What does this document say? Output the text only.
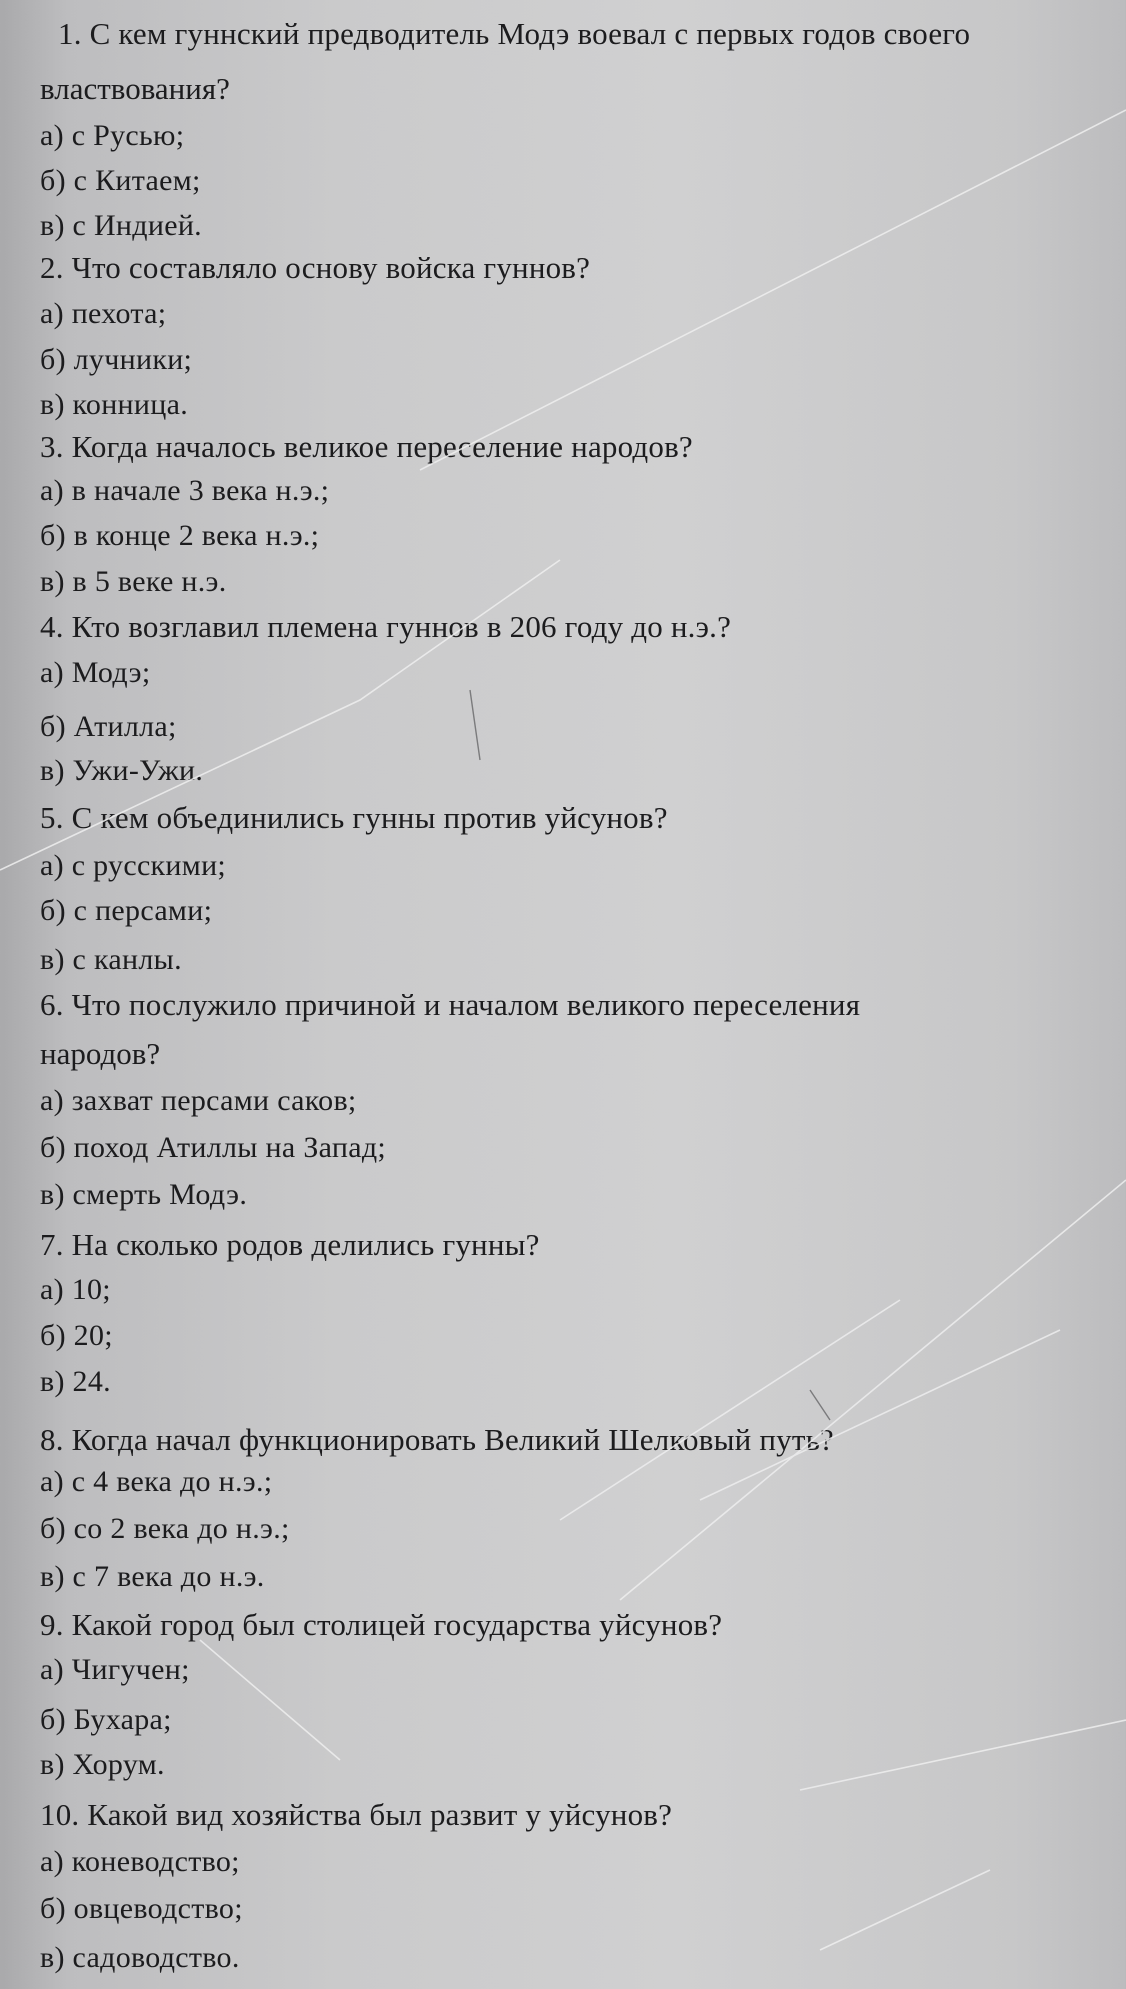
1. С кем гуннский предводитель Модэ воевал с первых годов своего
властвования?
а) с Русью;
б) с Китаем;
в) с Индией.
2. Что составляло основу войска гуннов?
а) пехота;
б) лучники;
в) конница.
3. Когда началось великое переселение народов?
а) в начале 3 века н.э.;
б) в конце 2 века н.э.;
в) в 5 веке н.э.
4. Кто возглавил племена гуннов в 206 году до н.э.?
а) Модэ;
б) Атилла;
в) Ужи-Ужи.
5. С кем объединились гунны против уйсунов?
а) с русскими;
б) с персами;
в) с канлы.
6. Что послужило причиной и началом великого переселения
народов?
а) захват персами саков;
б) поход Атиллы на Запад;
в) смерть Модэ.
7. На сколько родов делились гунны?
а) 10;
б) 20;
в) 24.
8. Когда начал функционировать Великий Шелковый путь?
а) с 4 века до н.э.;
б) со 2 века до н.э.;
в) с 7 века до н.э.
9. Какой город был столицей государства уйсунов?
а) Чигучен;
б) Бухара;
в) Хорум.
10. Какой вид хозяйства был развит у уйсунов?
а) коневодство;
б) овцеводство;
в) садоводство.
